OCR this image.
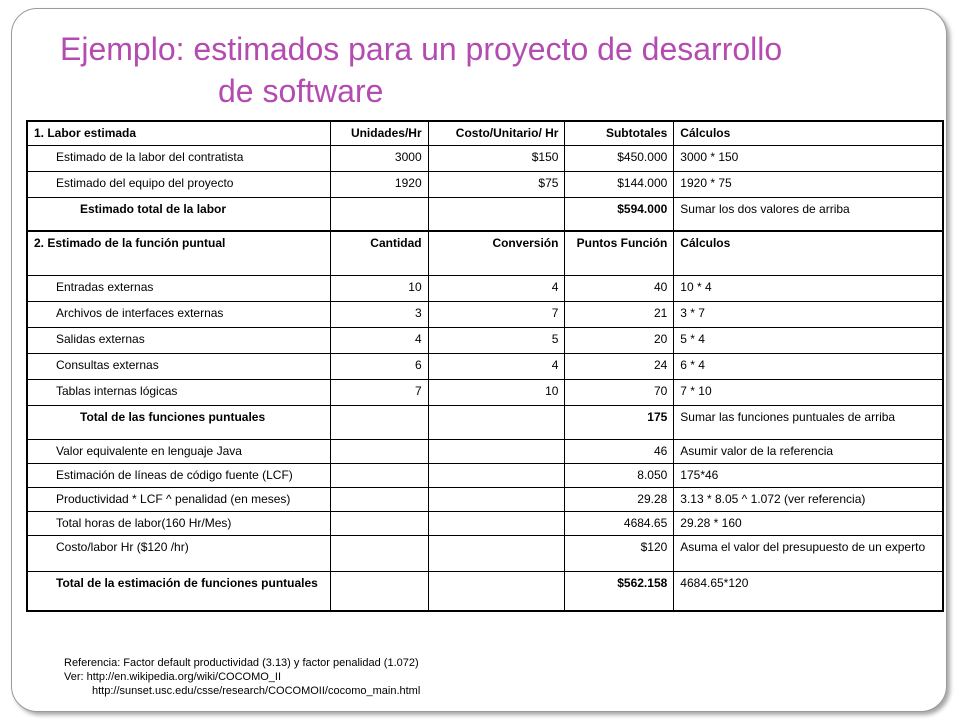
Ejemplo: estimados para un proyecto de desarrollo
de software
1. Labor estimada	Unidades/Hr	Costo/Unitario/ Hr	Subtotales	Cálculos
Estimado de la labor del contratista	3000	$150	$450.000	3000 * 150
Estimado del equipo del proyecto	1920	$75	$144.000	1920 * 75
Estimado total de la labor			$594.000	Sumar los dos valores de arriba
2. Estimado de la función puntual	Cantidad	Conversión	Puntos Función	Cálculos
Entradas externas	10	4	40	10 * 4
Archivos de interfaces externas	3	7	21	3 * 7
Salidas externas	4	5	20	5 * 4
Consultas externas	6	4	24	6 * 4
Tablas internas lógicas	7	10	70	7 * 10
Total de las funciones puntuales			175	Sumar las funciones puntuales de arriba
Valor equivalente en lenguaje Java			46	Asumir valor de la referencia
Estimación de líneas de código fuente (LCF)			8.050	175*46
Productividad * LCF ^ penalidad (en meses)			29.28	3.13 * 8.05 ^ 1.072 (ver referencia)
Total horas de labor(160 Hr/Mes)			4684.65	29.28 * 160
Costo/labor Hr ($120 /hr)			$120	Asuma el valor del presupuesto de un experto
Total de la estimación de funciones puntuales			$562.158	4684.65*120
Referencia: Factor default productividad (3.13) y factor penalidad (1.072)
Ver: http://en.wikipedia.org/wiki/COCOMO_II
http://sunset.usc.edu/csse/research/COCOMOII/cocomo_main.html
